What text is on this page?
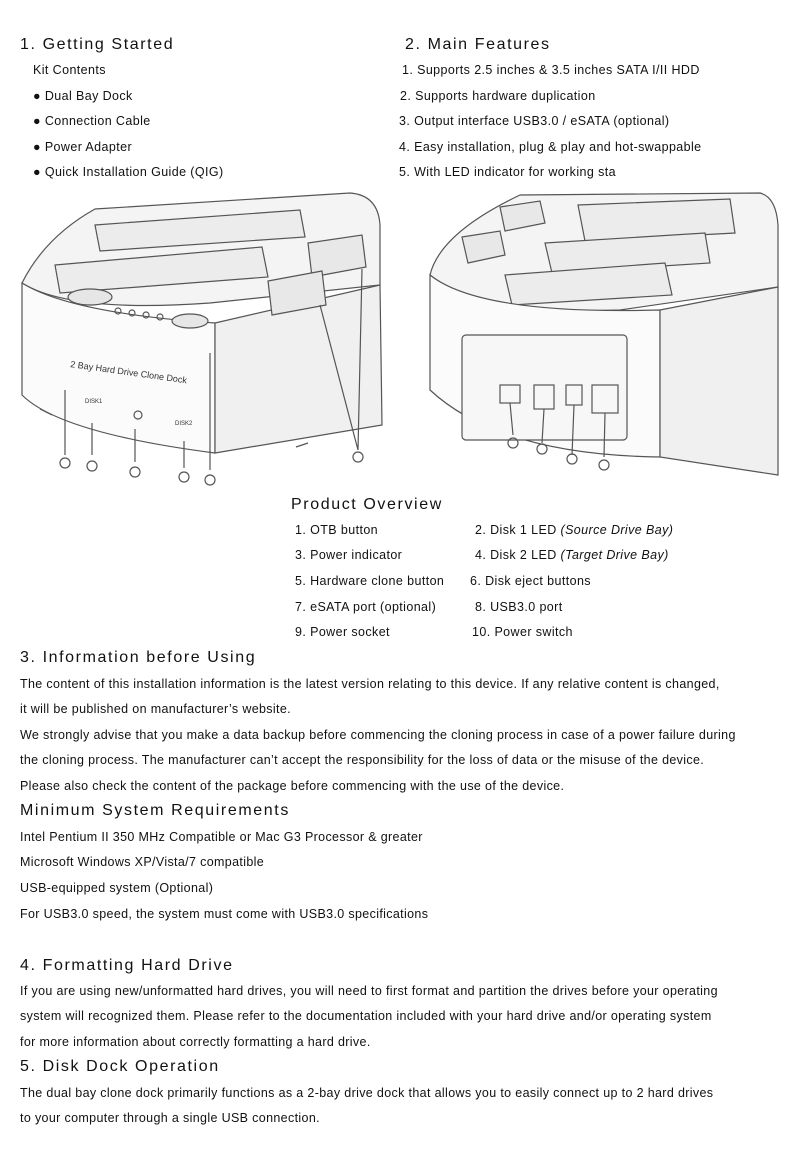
1. Getting Started
Kit Contents
● Dual Bay Dock
● Connection Cable
● Power Adapter
● Quick Installation Guide (QIG)
2. Main Features
1. Supports 2.5 inches & 3.5 inches SATA I/II HDD
2. Supports hardware duplication
3. Output interface USB3.0 / eSATA (optional)
4. Easy installation, plug & play and hot-swappable
5. With LED indicator for working sta
2 Bay Hard Drive Clone Dock
DISK1
DISK2
Product Overview
1. OTB button	2. Disk 1 LED (Source Drive Bay)
3. Power indicator	4. Disk 2 LED (Target Drive Bay)
5. Hardware clone button 6. Disk eject buttons
7. eSATA port (optional)	8. USB3.0 port
9. Power socket	10. Power switch
3. Information before Using
The content of this installation information is the latest version relating to this device. If any relative content is changed,
it will be published on manufacturer’s website.
We strongly advise that you make a data backup before commencing the cloning process in case of a power failure during
the cloning process. The manufacturer can’t accept the responsibility for the loss of data or the misuse of the device.
Please also check the content of the package before commencing with the use of the device.
Minimum System Requirements
Intel Pentium II 350 MHz Compatible or Mac G3 Processor & greater
Microsoft Windows XP/Vista/7 compatible
USB-equipped system (Optional)
For USB3.0 speed, the system must come with USB3.0 specifications
4. Formatting Hard Drive
If you are using new/unformatted hard drives, you will need to first format and partition the drives before your operating
system will recognized them. Please refer to the documentation included with your hard drive and/or operating system
for more information about correctly formatting a hard drive.
5. Disk Dock Operation
The dual bay clone dock primarily functions as a 2-bay drive dock that allows you to easily connect up to 2 hard drives
to your computer through a single USB connection.
